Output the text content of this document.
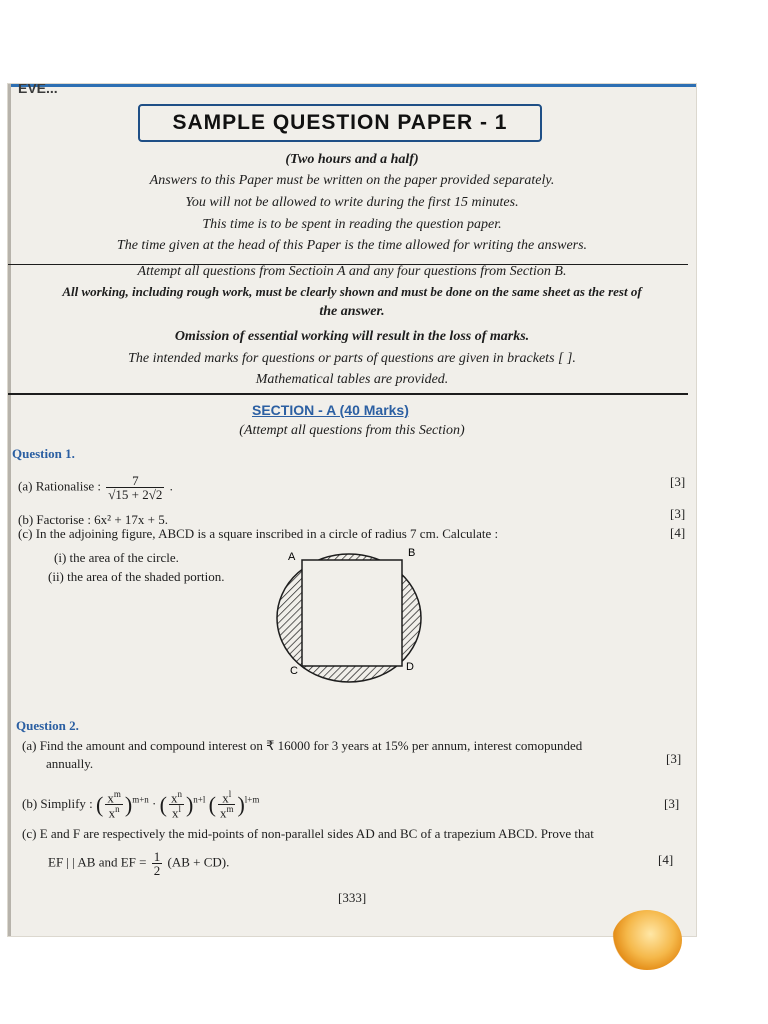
EVE...
SAMPLE QUESTION PAPER - 1
(Two hours and a half)
Answers to this Paper must be written on the paper provided separately.
You will not be allowed to write during the first 15 minutes.
This time is to be spent in reading the question paper.
The time given at the head of this Paper is the time allowed for writing the answers.
Attempt all questions from Sectioin A and any four questions from Section B.
All working, including rough work, must be clearly shown and must be done on the same sheet as the rest of
the answer.
Omission of essential working will result in the loss of marks.
The intended marks for questions or parts of questions are given in brackets [ ].
Mathematical tables are provided.
SECTION - A (40 Marks)
(Attempt all questions from this Section)
Question 1.
(a) Rationalise : $\frac{7}{√15 + 2√2}$ .	[3]
(b) Factorise : 6x² + 17x + 5.	[3]
(c) In the adjoining figure, ABCD is a square inscribed in a circle of radius 7 cm. Calculate :	[4]
(i) the area of the circle.
(ii) the area of the shaded portion.
A	B
C	D
Question 2.
(a) Find the amount and compound interest on ₹ 16000 for 3 years at 15% per annum, interest comopunded
annually.	[3]
(b) Simplify : ( $\frac{x^m}{x^n} )^{m+n}$ · ( $\frac{x^n}{x^l} )^{n+l}$ ( $\frac{x^l}{x^m} )^{l+m}$	[3]
(c) E and F are respectively the mid-points of non-parallel sides AD and BC of a trapezium ABCD. Prove that
EF | | AB and EF = $\frac{1}{2} (AB + CD)$.	[4]
[333]
